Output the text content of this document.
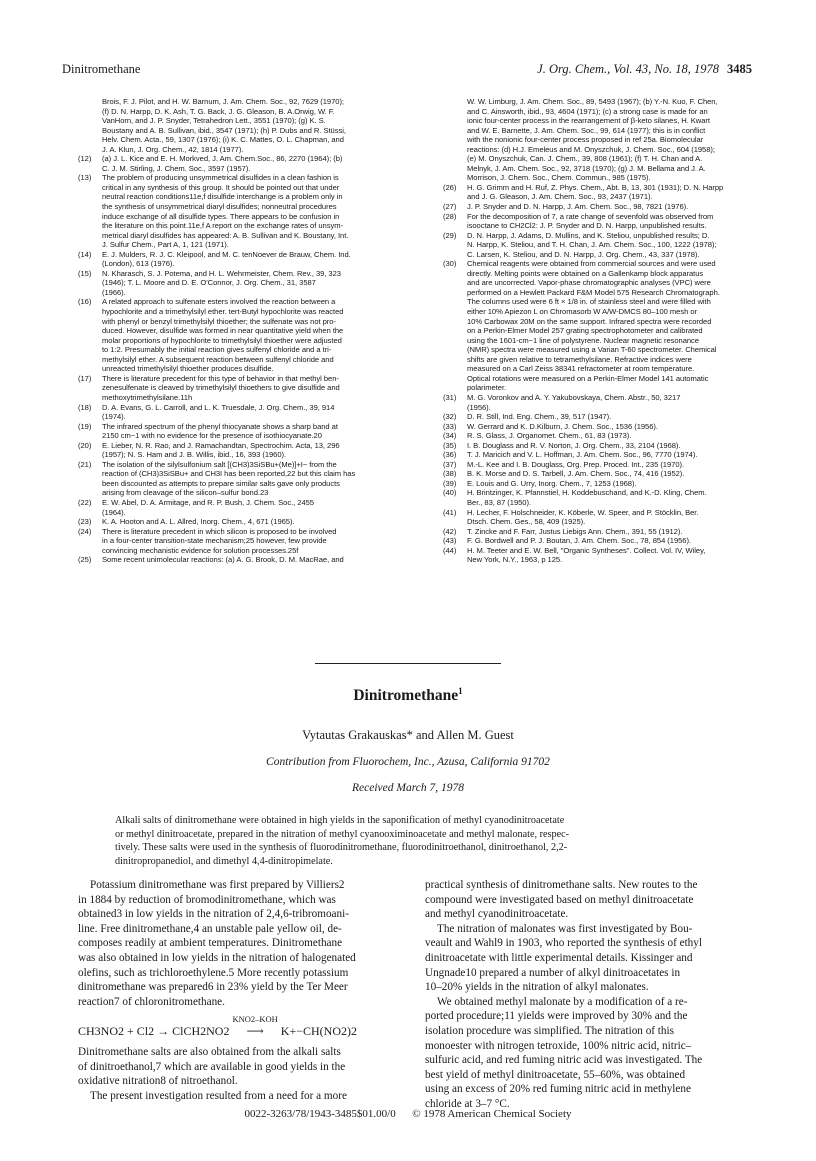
Dinitromethane	J. Org. Chem., Vol. 43, No. 18, 1978 3485
Brois, F. J. Pilot, and H. W. Barnum, J. Am. Chem. Soc., 92, 7629 (1970);
(f) D. N. Harpp, D. K. Ash, T. G. Back, J. G. Gleason, B. A.Orwig, W. F.
VanHorn, and J. P. Snyder, Tetrahedron Lett., 3551 (1970); (g) K. S.
Boustany and A. B. Sullivan, ibid., 3547 (1971); (h) P. Dubs and R. Stüssi,
Helv. Chem. Acta., 59, 1307 (1976); (i) K. C. Mattes, O. L. Chapman, and
J. A. Klun, J. Org. Chem., 42, 1814 (1977).
(12) (a) J. L. Kice and E. H. Morkved, J. Am. Chem.Soc., 86, 2270 (1964); (b)
C. J. M. Stirling, J. Chem. Soc., 3597 (1957).
(13) The problem of producing unsymmetrical disulfides in a clean fashion is
critical in any synthesis of this group. It should be pointed out that under
neutral reaction conditions11e,f disulfide interchange is a problem only in
the synthesis of unsymmetrical diaryl disulfides; nonneutral procedures
induce exchange of all disulfide types. There appears to be confusion in
the literature on this point.11e,f A report on the exchange rates of unsym-
metrical diaryl disulfides has appeared: A. B. Sullivan and K. Boustany, Int.
J. Sulfur Chem., Part A, 1, 121 (1971).
(14) E. J. Mulders, R. J. C. Kleipool, and M. C. tenNoever de Brauw, Chem. Ind.
(London), 613 (1976).
(15) N. Kharasch, S. J. Potema, and H. L. Wehrmeister, Chem. Rev., 39, 323
(1946); T. L. Moore and D. E. O'Connor, J. Org. Chem., 31, 3587
(1966).
(16) A related approach to sulfenate esters involved the reaction between a
hypochlorite and a trimethylsilyl ether. tert-Butyl hypochlorite was reacted
with phenyl or benzyl trimethylsilyl thioether; the sulfenate was not pro-
duced. However, disulfide was formed in near quantitative yield when the
molar proportions of hypochlorite to trimethylsilyl thioether were adjusted
to 1:2. Presumably the initial reaction gives sulfenyl chloride and a tri-
methylsilyl ether. A subsequent reaction between sulfenyl chloride and
unreacted trimethylsilyl thioether produces disulfide.
(17) There is literature precedent for this type of behavior in that methyl ben-
zenesulfenate is cleaved by trimethylsilyl thioethers to give disulfide and
methoxytrimethylsilane.11h
(18) D. A. Evans, G. L. Carroll, and L. K. Truesdale, J. Org. Chem., 39, 914
(1974).
(19) The infrared spectrum of the phenyl thiocyanate shows a sharp band at
2150 cm−1 with no evidence for the presence of isothiocyanate.20
(20) E. Lieber, N. R. Rao, and J. Ramachandtan, Spectrochim. Acta, 13, 296
(1957); N. S. Ham and J. B. Willis, ibid., 16, 393 (1960).
(21) The isolation of the silylsulfonium salt [(CH3)3SiSBu+(Me)]+I− from the
reaction of (CH3)3SiSBu+ and CH3I has been reported,22 but this claim has
been discounted as attempts to prepare similar salts gave only products
arising from cleavage of the silicon–sulfur bond.23
(22) E. W. Abel, D. A. Armitage, and R. P. Bush, J. Chem. Soc., 2455
(1964).
(23) K. A. Hooton and A. L. Allred, Inorg. Chem., 4, 671 (1965).
(24) There is literature precedent in which silicon is proposed to be involved
in a four-center transition-state mechanism;25 however, few provide
convincing mechanistic evidence for solution processes.25f
(25) Some recent unimolecular reactions: (a) A. G. Brook, D. M. MacRae, and
W. W. Limburg, J. Am. Chem. Soc., 89, 5493 (1967); (b) Y.-N. Kuo, F. Chen,
and C. Ainsworth, ibid., 93, 4604 (1971); (c) a strong case is made for an
ionic four-center process in the rearrangement of β-keto silanes, H. Kwart
and W. E. Barnette, J. Am. Chem. Soc., 99, 614 (1977); this is in conflict
with the nonionic four-center process proposed in ref 25a. Biomolecular
reactions: (d) H.J. Emeleus and M. Onyszchuk, J. Chem. Soc., 604 (1958);
(e) M. Onyszchuk, Can. J. Chem., 39, 808 (1961); (f) T. H. Chan and A.
Melnyk, J. Am. Chem. Soc., 92, 3718 (1970); (g) J. M. Bellama and J. A.
Morrison, J. Chem. Soc., Chem. Commun., 985 (1975).
(26) H. G. Grimm and H. Ruf, Z. Phys. Chem., Abt. B, 13, 301 (1931); D. N. Harpp
and J. G. Gleason, J. Am. Chem. Soc., 93, 2437 (1971).
(27) J. P. Snyder and D. N. Harpp, J. Am. Chem. Soc., 98, 7821 (1976).
(28) For the decomposition of 7, a rate change of sevenfold was observed from
isooctane to CH2Cl2: J. P. Snyder and D. N. Harpp, unpublished results.
(29) D. N. Harpp, J. Adams, D. Mullins, and K. Steliou, unpublished results; D.
N. Harpp, K. Steliou, and T. H. Chan, J. Am. Chem. Soc., 100, 1222 (1978);
C. Larsen, K. Steliou, and D. N. Harpp, J. Org. Chem., 43, 337 (1978).
(30) Chemical reagents were obtained from commercial sources and were used
directly. Melting points were obtained on a Gallenkamp block apparatus
and are uncorrected. Vapor-phase chromatographic analyses (VPC) were
performed on a Hewlett Packard F&M Model 575 Research Chromatograph.
The columns used were 6 ft × 1/8 in. of stainless steel and were filled with
either 10% Apiezon L on Chromasorb W A/W-DMCS 80–100 mesh or
10% Carbowax 20M on the same support. Infrared spectra were recorded
on a Perkin-Elmer Model 257 grating spectrophotometer and calibrated
using the 1601-cm−1 line of polystyrene. Nuclear magnetic resonance
(NMR) spectra were measured using a Varian T-60 spectrometer. Chemical
shifts are given relative to tetramethylsilane. Refractive indices were
measured on a Carl Zeiss 38341 refractometer at room temperature.
Optical rotations were measured on a Perkin-Elmer Model 141 automatic
polarimeter.
(31) M. G. Voronkov and A. Y. Yakubovskaya, Chem. Abstr., 50, 3217
(1956).
(32) D. R. Still, Ind. Eng. Chem., 39, 517 (1947).
(33) W. Gerrard and K. D.Kilburn, J. Chem. Soc., 1536 (1956).
(34) R. S. Glass, J. Organomet. Chem., 61, 83 (1973).
(35) I. B. Douglass and R. V. Norton, J. Org. Chem., 33, 2104 (1968).
(36) T. J. Maricich and V. L. Hoffman, J. Am. Chem. Soc., 96, 7770 (1974).
(37) M.-L. Kee and I. B. Douglass, Org. Prep. Proced. Int., 235 (1970).
(38) B. K. Morse and D. S. Tarbell, J. Am. Chem. Soc., 74, 416 (1952).
(39) E. Louis and G. Urry, Inorg. Chem., 7, 1253 (1968).
(40) H. Brintzinger, K. Pfannstiel, H. Koddebuschand, and K.-D. Kling, Chem.
Ber., 83, 87 (1950).
(41) H. Lecher, F. Holschneider, K. Köberle, W. Speer, and P. Stöcklin, Ber.
Dtsch. Chem. Ges., 58, 409 (1925).
(42) T. Zincke and F. Farr, Justus Liebigs Ann. Chem., 391, 55 (1912).
(43) F. G. Bordwell and P. J. Boutan, J. Am. Chem. Soc., 78, 854 (1956).
(44) H. M. Teeter and E. W. Bell, "Organic Syntheses". Collect. Vol. IV, Wiley,
New York, N.Y., 1963, p 125.
Dinitromethane$^1$
Vytautas Grakauskas* and Allen M. Guest
Contribution from Fluorochem, Inc., Azusa, California 91702
Received March 7, 1978
Alkali salts of dinitromethane were obtained in high yields in the saponification of methyl cyanodinitroacetate
or methyl dinitroacetate, prepared in the nitration of methyl cyanooximinoacetate and methyl malonate, respec-
tively. These salts were used in the synthesis of fluorodinitromethane, fluorodinitroethanol, dinitroethanol, 2,2-
dinitropropanediol, and dimethyl 4,4-dinitropimelate.
Potassium dinitromethane was first prepared by Villiers2
in 1884 by reduction of bromodinitromethane, which was
obtained3 in low yields in the nitration of 2,4,6-tribromoani-
line. Free dinitromethane,4 an unstable pale yellow oil, de-
composes readily at ambient temperatures. Dinitromethane
was also obtained in low yields in the nitration of halogenated
olefins, such as trichloroethylene.5 More recently potassium
dinitromethane was prepared6 in 23% yield by the Ter Meer
reaction7 of chloronitromethane.
CH3NO2 + Cl2 → ClCH2NO2
KNO2–KOH
⟶ K+−CH(NO2)2
Dinitromethane salts are also obtained from the alkali salts
of dinitroethanol,7 which are available in good yields in the
oxidative nitration8 of nitroethanol.
The present investigation resulted from a need for a more
practical synthesis of dinitromethane salts. New routes to the
compound were investigated based on methyl dinitroacetate
and methyl cyanodinitroacetate.
The nitration of malonates was first investigated by Bou-
veault and Wahl9 in 1903, who reported the synthesis of ethyl
dinitroacetate with little experimental details. Kissinger and
Ungnade10 prepared a number of alkyl dinitroacetates in
10–20% yields in the nitration of alkyl malonates.
We obtained methyl malonate by a modification of a re-
ported procedure;11 yields were improved by 30% and the
isolation procedure was simplified. The nitration of this
monoester with nitrogen tetroxide, 100% nitric acid, nitric–
sulfuric acid, and red fuming nitric acid was investigated. The
best yield of methyl dinitroacetate, 55–60%, was obtained
using an excess of 20% red fuming nitric acid in methylene
chloride at 3–7 °C.
0022-3263/78/1943-3485$01.00/0 © 1978 American Chemical Society
